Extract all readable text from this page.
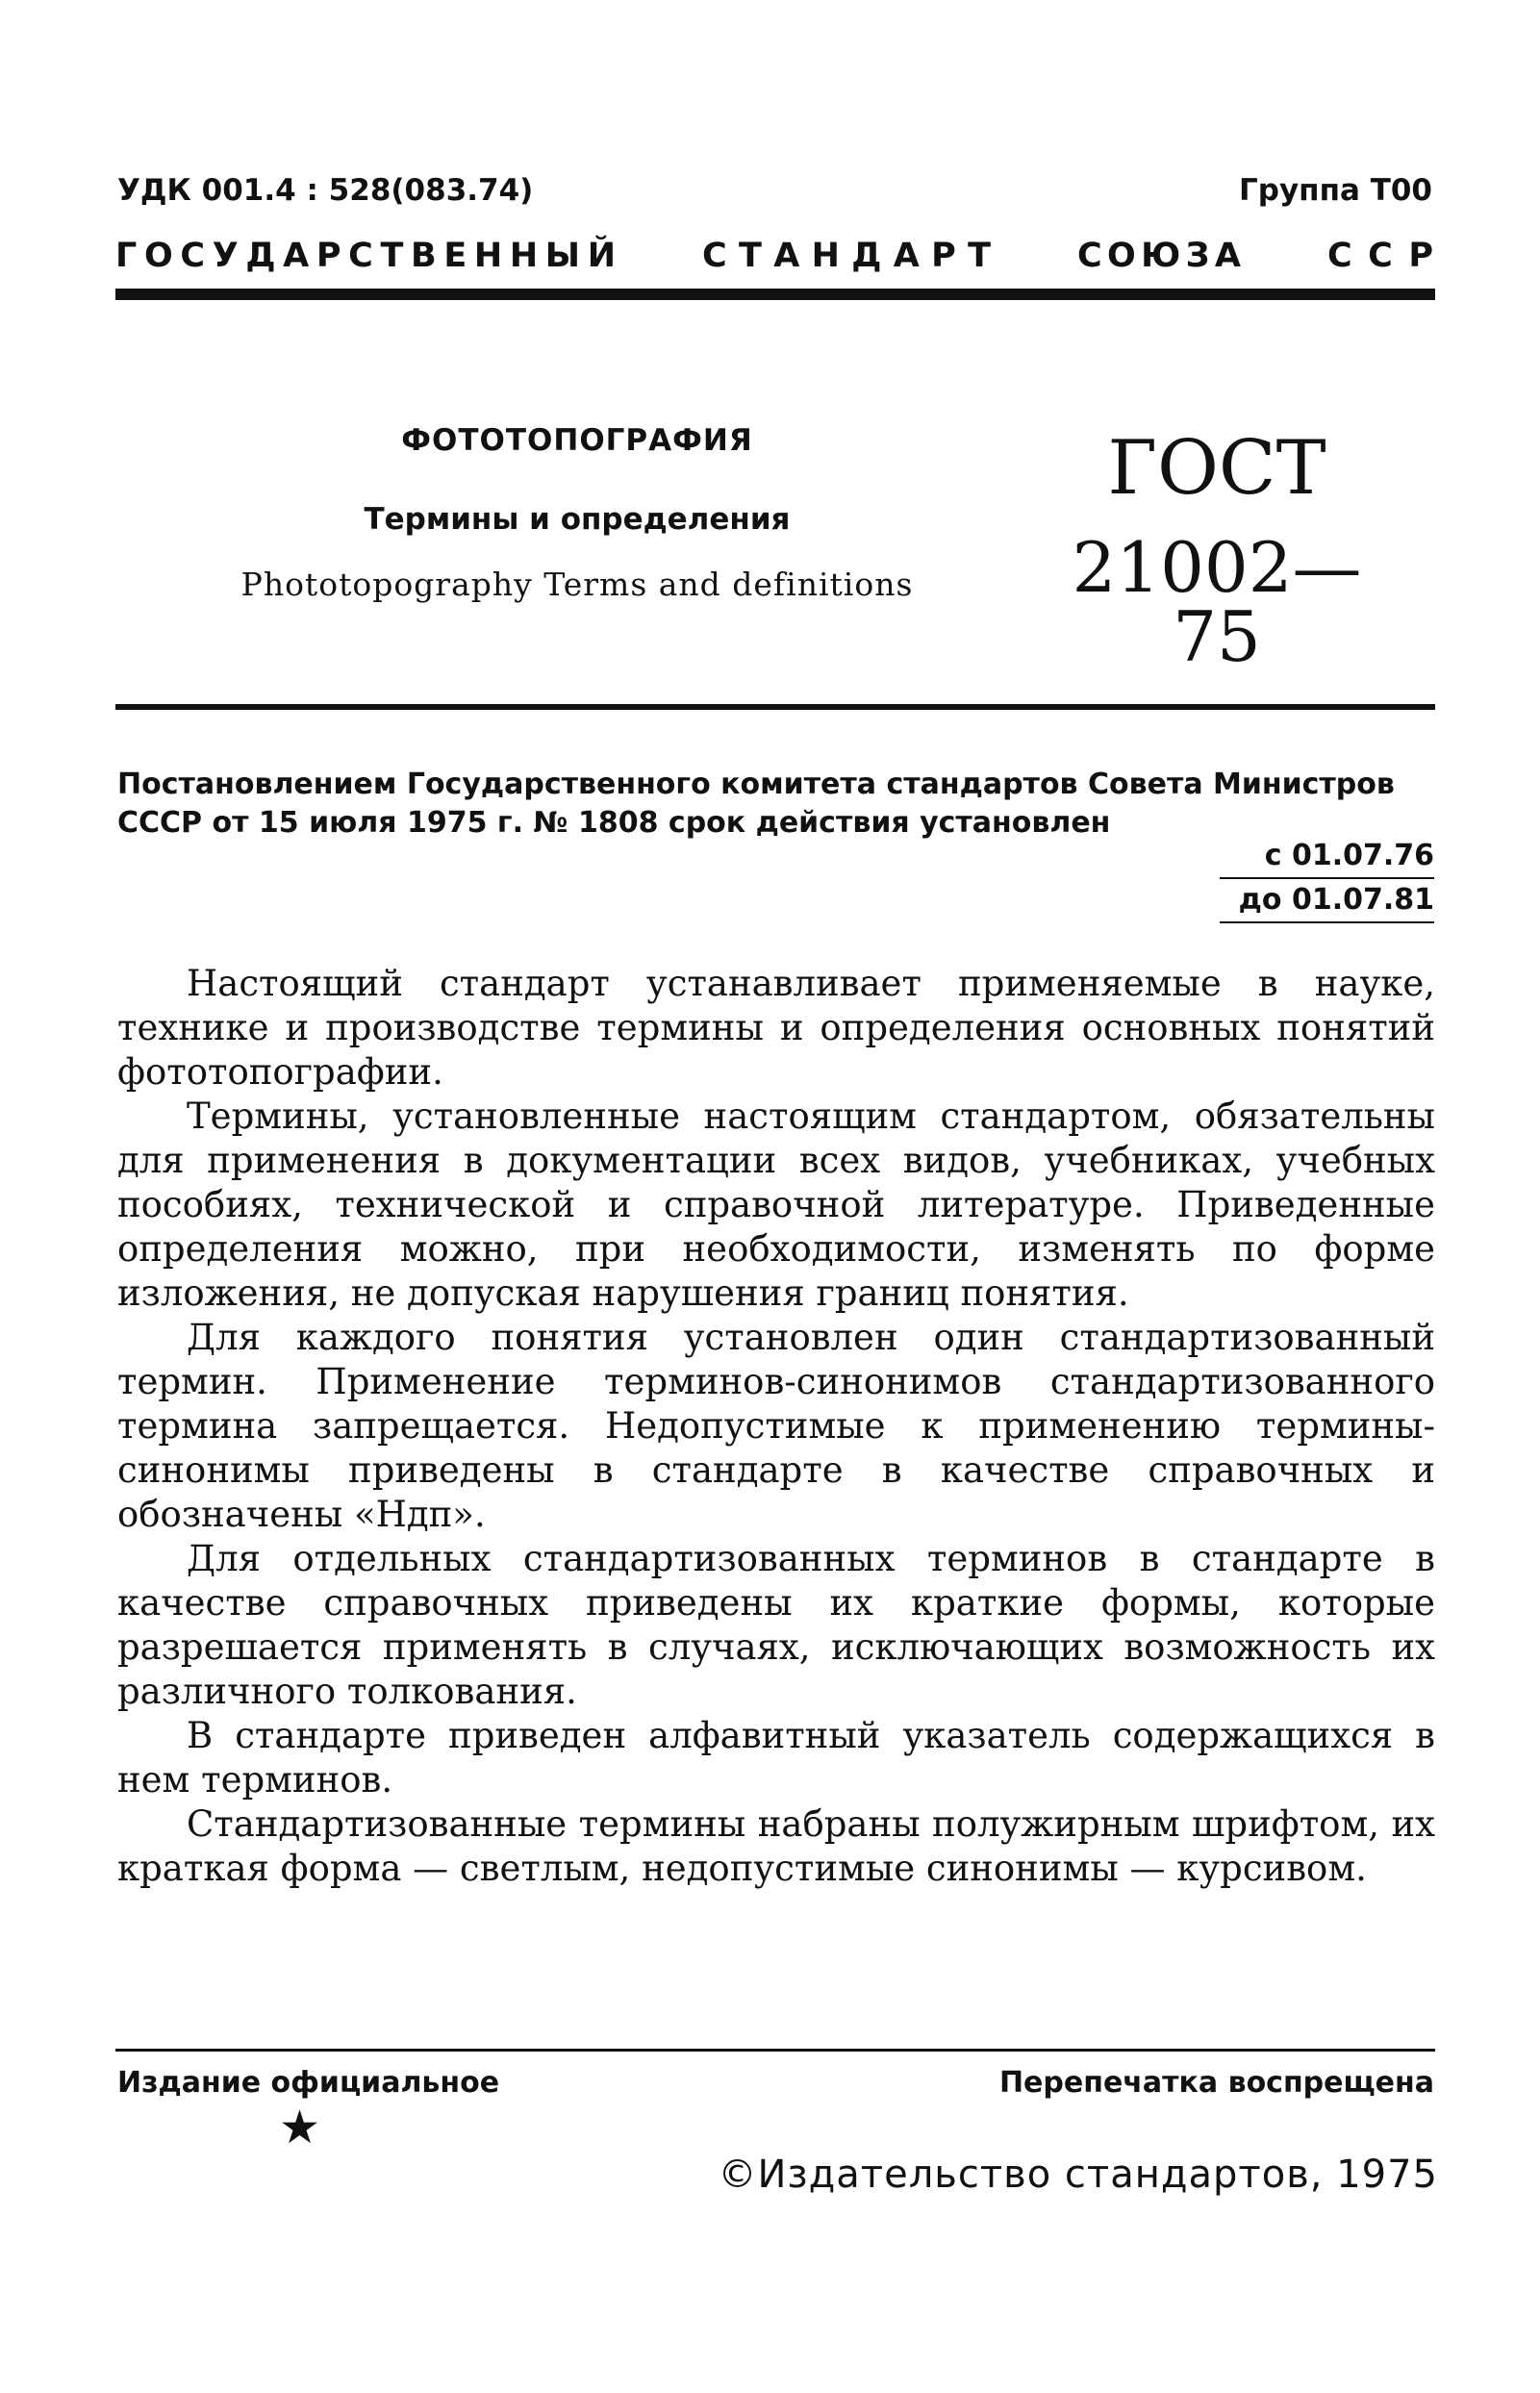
УДК 001.4 : 528(083.74)	Группа Т00
Г О С У Д А Р С Т В Е Н Н Ы Й	С Т А Н Д А Р Т	С О Ю З А	С С Р
ФОТОТОПОГРАФИЯ
Термины и определения
Phototopography Terms and definitions
ГОСТ
21002—75
Постановлением Государственного комитета стандартов Совета Министров СССР от 15 июля 1975 г. № 1808 срок действия установлен
с 01.07.76
до 01.07.81

Настоящий стандарт устанавливает применяемые в науке, технике и производстве термины и определения основных понятий фототопографии.

Термины, установленные настоящим стандартом, обязательны для применения в документации всех видов, учебниках, учебных пособиях, технической и справочной литературе. Приведенные определения можно, при необходимости, изменять по форме изложения, не допуская нарушения границ понятия.

Для каждого понятия установлен один стандартизованный термин. Применение терминов-синонимов стандартизованного термина запрещается. Недопустимые к применению термины-синонимы приведены в стандарте в качестве справочных и обозначены «Ндп».

Для отдельных стандартизованных терминов в стандарте в качестве справочных приведены их краткие формы, которые разрешается применять в случаях, исключающих возможность их различного толкования.

В стандарте приведен алфавитный указатель содержащихся в нем терминов.

Стандартизованные термины набраны полужирным шрифтом, их краткая форма — светлым, недопустимые синонимы — курсивом.

Издание официальное	Перепечатка воспрещена
★
©Издательство стандартов, 1975
